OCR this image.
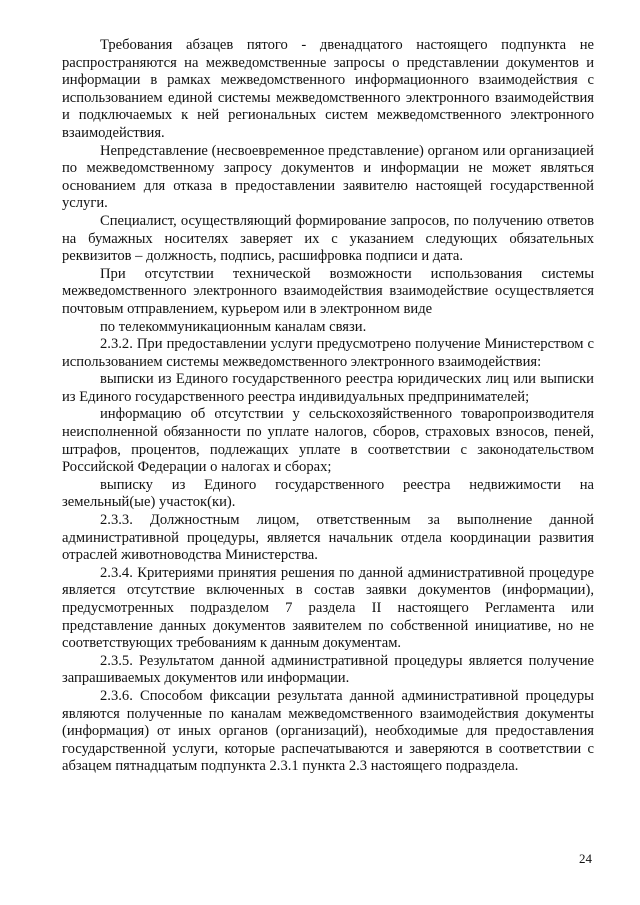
Требования абзацев пятого - двенадцатого настоящего подпункта не распространяются на межведомственные запросы о представлении документов и информации в рамках межведомственного информационного взаимодействия с использованием единой системы межведомственного электронного взаимодействия и подключаемых к ней региональных систем межведомственного электронного взаимодействия.

Непредставление (несвоевременное представление) органом или организацией по межведомственному запросу документов и информации не может являться основанием для отказа в предоставлении заявителю настоящей государственной услуги.

Специалист, осуществляющий формирование запросов, по получению ответов на бумажных носителях заверяет их с указанием следующих обязательных реквизитов – должность, подпись, расшифровка подписи и дата.

При отсутствии технической возможности использования системы межведомственного электронного взаимодействия взаимодействие осуществляется почтовым отправлением, курьером или в электронном виде

по телекоммуникационным каналам связи.

2.3.2. При предоставлении услуги предусмотрено получение Министерством с использованием системы межведомственного электронного взаимодействия:

выписки из Единого государственного реестра юридических лиц или выписки из Единого государственного реестра индивидуальных предпринимателей;

информацию об отсутствии у сельскохозяйственного товаропроизводителя неисполненной обязанности по уплате налогов, сборов, страховых взносов, пеней, штрафов, процентов, подлежащих уплате в соответствии с законодательством Российской Федерации о налогах и сборах;

выписку из Единого государственного реестра недвижимости на земельный(ые) участок(ки).

2.3.3. Должностным лицом, ответственным за выполнение данной административной процедуры, является начальник отдела координации развития отраслей животноводства Министерства.

2.3.4. Критериями принятия решения по данной административной процедуре является отсутствие включенных в состав заявки документов (информации), предусмотренных подразделом 7 раздела II настоящего Регламента или представление данных документов заявителем по собственной инициативе, но не соответствующих требованиям к данным документам.

2.3.5. Результатом данной административной процедуры является получение запрашиваемых документов или информации.

2.3.6. Способом фиксации результата данной административной процедуры являются полученные по каналам межведомственного взаимодействия документы (информация) от иных органов (организаций), необходимые для предоставления государственной услуги, которые распечатываются и заверяются в соответствии с абзацем пятнадцатым подпункта 2.3.1 пункта 2.3 настоящего подраздела.

24
